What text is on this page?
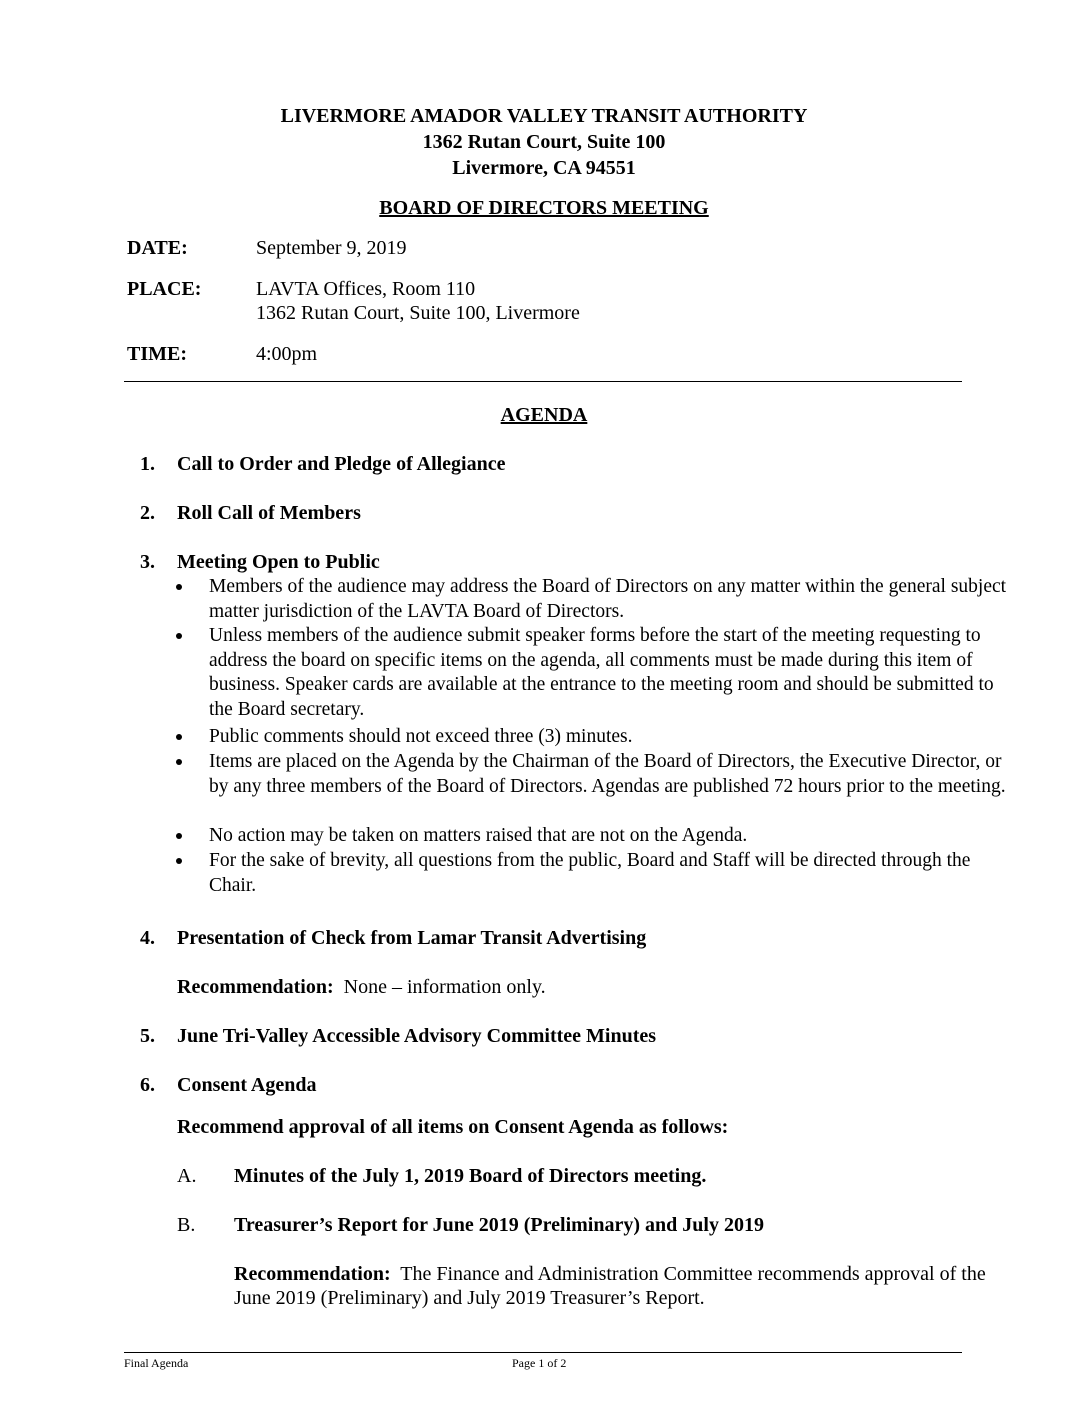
LIVERMORE AMADOR VALLEY TRANSIT AUTHORITY
1362 Rutan Court, Suite 100
Livermore, CA 94551
BOARD OF DIRECTORS MEETING
DATE:	September 9, 2019
PLACE:	LAVTA Offices, Room 110
1362 Rutan Court, Suite 100, Livermore
TIME:	4:00pm
AGENDA
1. Call to Order and Pledge of Allegiance
2. Roll Call of Members
3. Meeting Open to Public
Members of the audience may address the Board of Directors on any matter within the general subject matter jurisdiction of the LAVTA Board of Directors.
Unless members of the audience submit speaker forms before the start of the meeting requesting to address the board on specific items on the agenda, all comments must be made during this item of business. Speaker cards are available at the entrance to the meeting room and should be submitted to the Board secretary.
Public comments should not exceed three (3) minutes.
Items are placed on the Agenda by the Chairman of the Board of Directors, the Executive Director, or by any three members of the Board of Directors. Agendas are published 72 hours prior to the meeting.
No action may be taken on matters raised that are not on the Agenda.
For the sake of brevity, all questions from the public, Board and Staff will be directed through the Chair.
4. Presentation of Check from Lamar Transit Advertising
Recommendation: None – information only.
5. June Tri-Valley Accessible Advisory Committee Minutes
6. Consent Agenda
Recommend approval of all items on Consent Agenda as follows:
A. Minutes of the July 1, 2019 Board of Directors meeting.
B. Treasurer’s Report for June 2019 (Preliminary) and July 2019
Recommendation: The Finance and Administration Committee recommends approval of the June 2019 (Preliminary) and July 2019 Treasurer’s Report.
Final Agenda	Page 1 of 2
